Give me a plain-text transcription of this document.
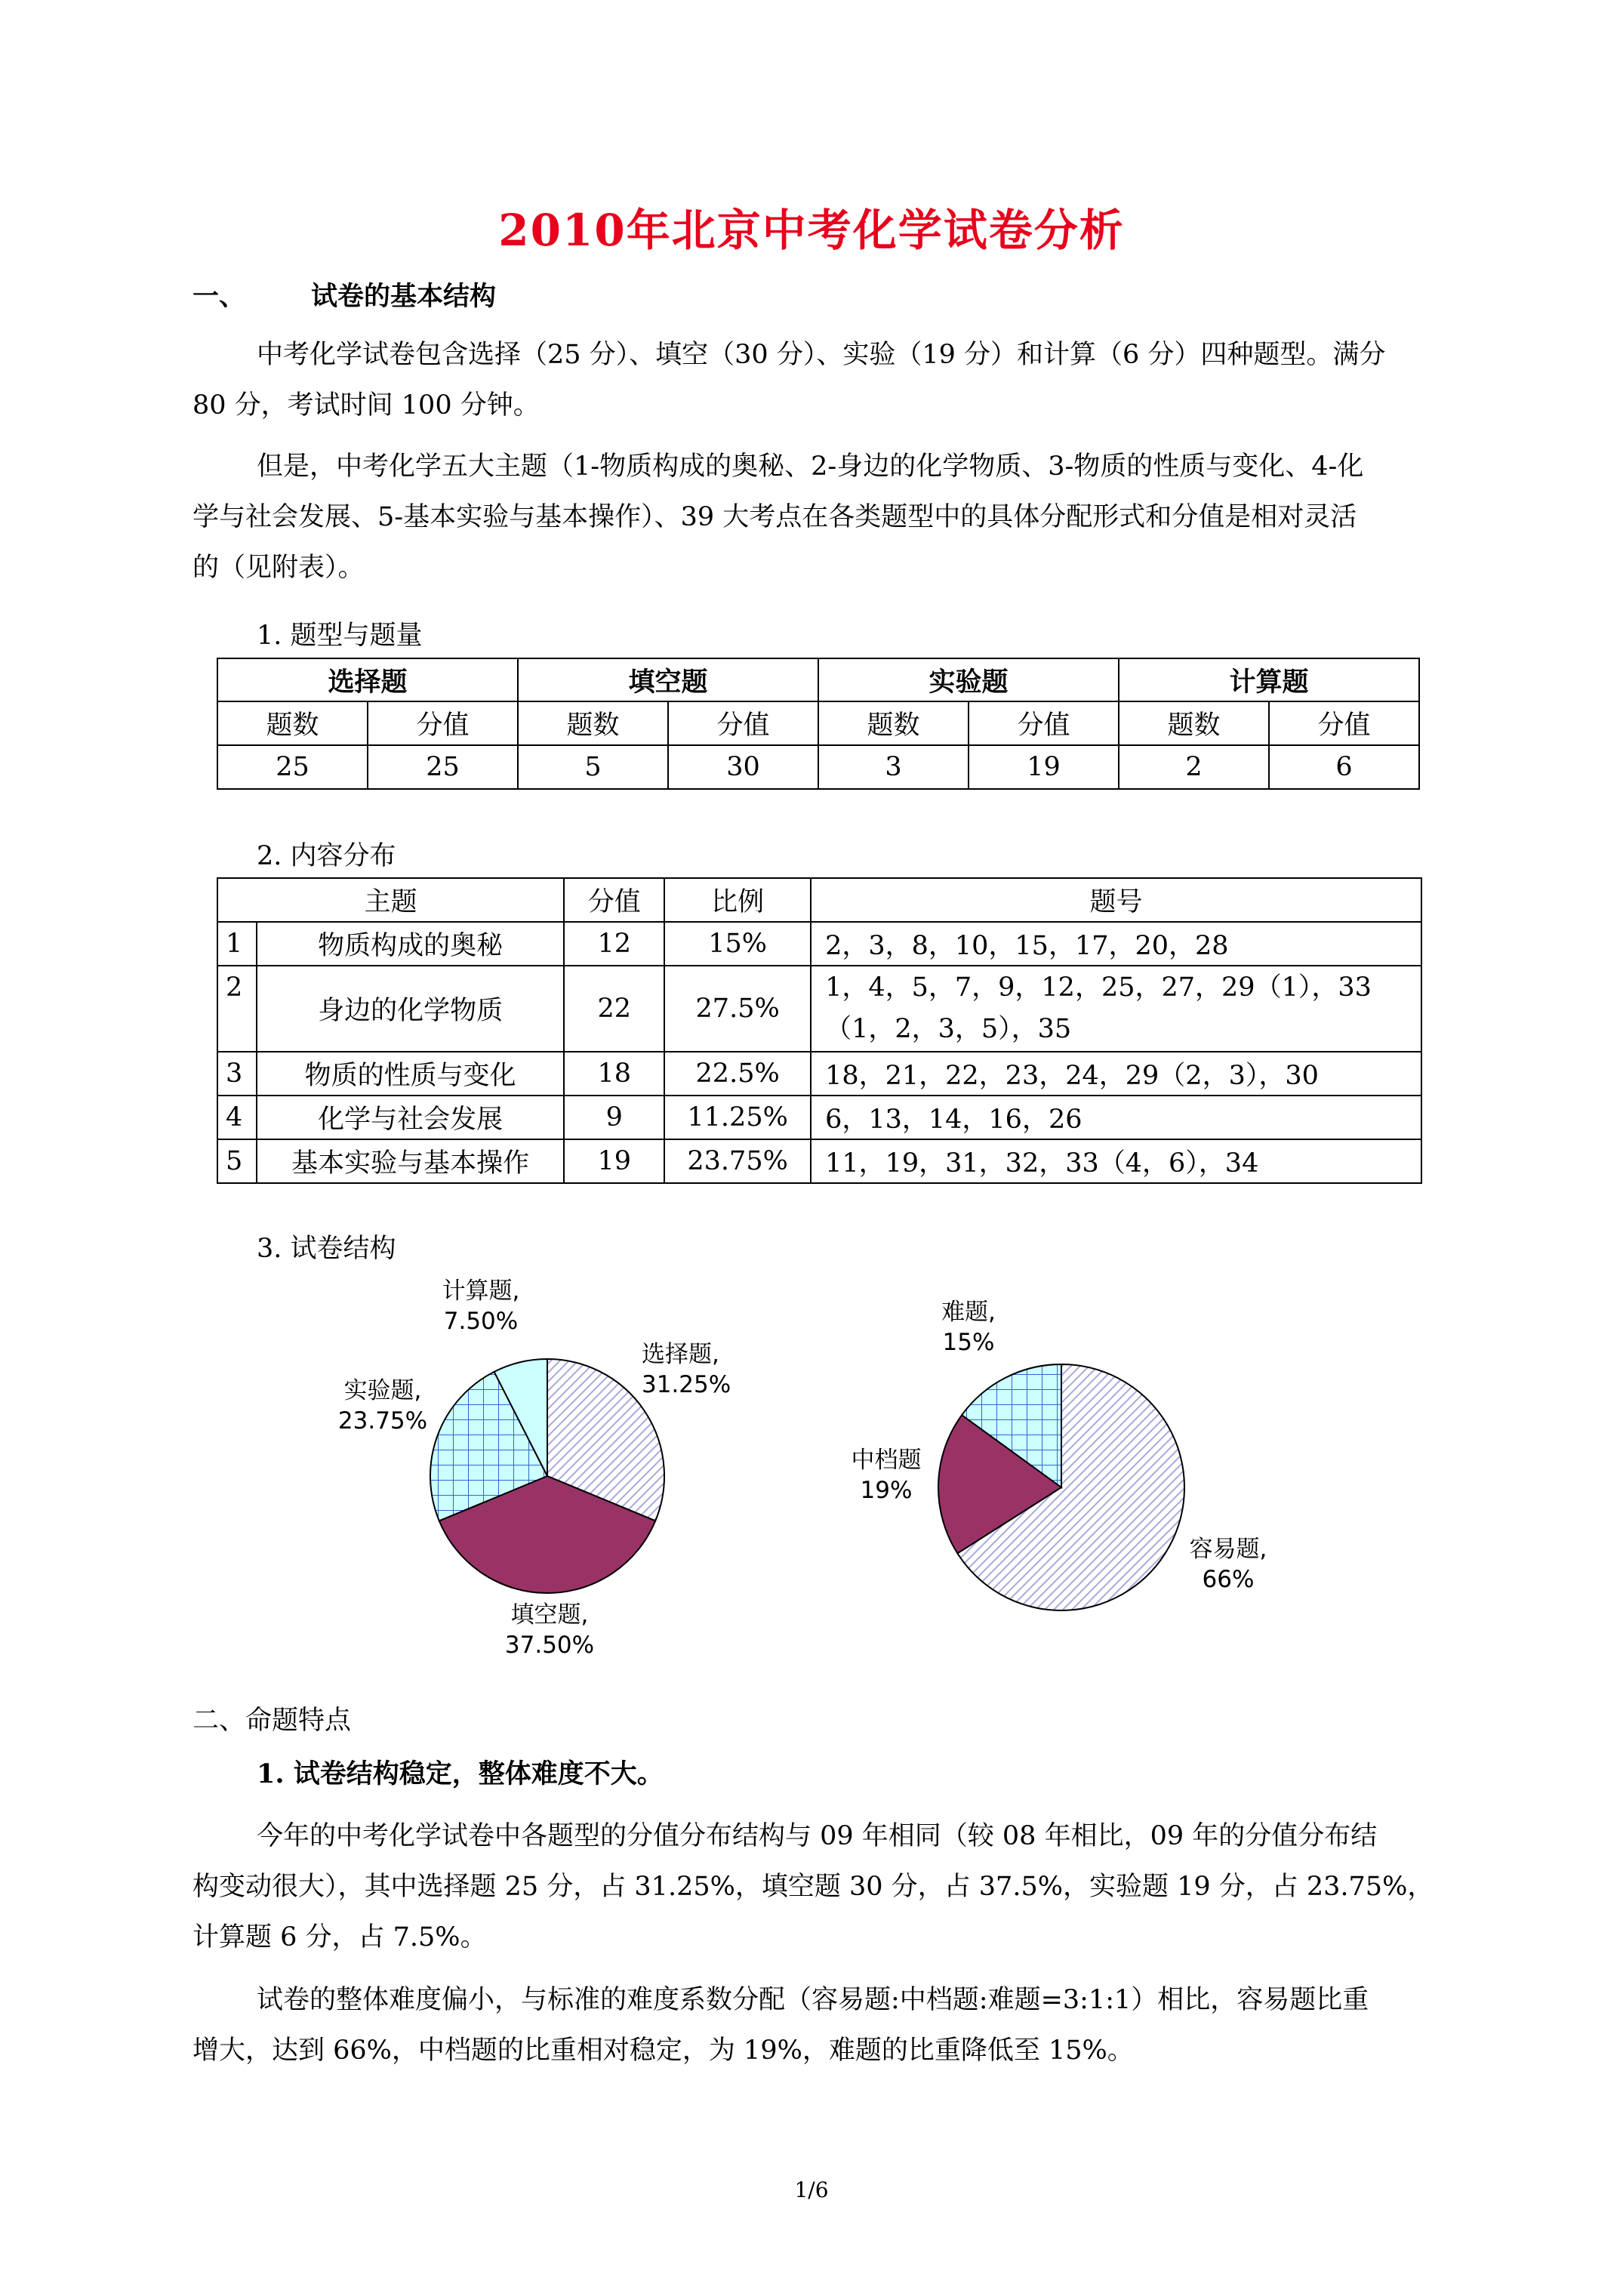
2010年北京中考化学试卷分析
一、 试卷的基本结构
中考化学试卷包含选择（25 分）、填空（30 分）、实验（19 分）和计算（6 分）四种题型。满分
80 分，考试时间 100 分钟。
但是，中考化学五大主题（1-物质构成的奥秘、2-身边的化学物质、3-物质的性质与变化、4-化
学与社会发展、5-基本实验与基本操作）、39 大考点在各类题型中的具体分配形式和分值是相对灵活
的（见附表）。
1. 题型与题量
选择题		填空题		实验题		计算题	
题数	分值	题数	分值	题数	分值	题数	分值
25	25	5	30	3	19	2	6
2. 内容分布
主题		分值	比例	题号
1	物质构成的奥秘	12	15%	2，3，8，10，15，17，20，28
2	身边的化学物质	22	27.5%	1，4，5，7，9，12，25，27，29（1），33（1，2，3，5），35
3	物质的性质与变化	18	22.5%	18，21，22，23，24，29（2，3），30
4	化学与社会发展	9	11.25%	6，13，14，16，26
5	基本实验与基本操作	19	23.75%	11，19，31，32，33（4，6），34
3. 试卷结构
选择题,
31.25%
填空题,
37.50%
实验题,
23.75%
计算题,
7.50%
容易题,
66%
中档题
19%
难题,
15%
二、命题特点
1. 试卷结构稳定，整体难度不大。
今年的中考化学试卷中各题型的分值分布结构与 09 年相同（较 08 年相比，09 年的分值分布结
构变动很大），其中选择题 25 分，占 31.25%，填空题 30 分，占 37.5%，实验题 19 分，占 23.75%，
计算题 6 分，占 7.5%。
试卷的整体难度偏小，与标准的难度系数分配（容易题:中档题:难题=3:1:1）相比，容易题比重
增大，达到 66%，中档题的比重相对稳定，为 19%，难题的比重降低至 15%。
1/6
